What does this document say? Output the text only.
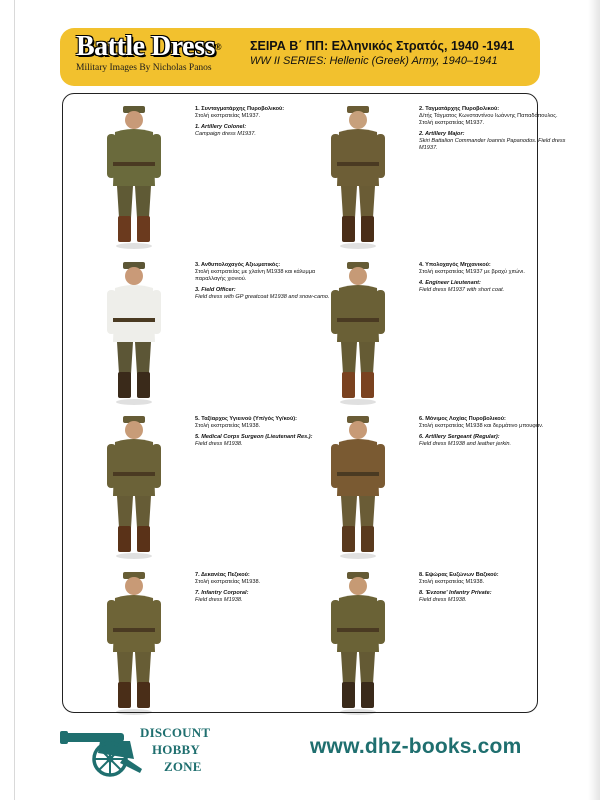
Battle Dress®
Military Images By Nicholas Panos
ΣΕΙΡΑ Β΄ ΠΠ: Ελληνικός Στρατός, 1940 -1941
WW II SERIES: Hellenic (Greek) Army, 1940–1941
1. Συνταγματάρχης Πυροβολικού:
Στολή εκστρατείας M1937.
1. Artillery Colonel:
Campaign dress M1937.
2. Ταγματάρχης Πυροβολικού:
Δ/τής Τάγματος Κωνσταντίνου Ιωάννης Παπαδόπουλος. Στολή εκστρατείας M1937.
2. Artillery Major:
Skiri Battalion Commander Ioannis Papanodos. Field dress M1937.
3. Ανθυπολοχαγός Αξιωματικός:
Στολή εκστρατείας με χλαίνη M1938 και κάλυμμα παραλλαγής χιονιού.
3. Field Officer:
Field dress with GP greatcoat M1938 and snow-camo.
4. Υπολοχαγός Μηχανικού:
Στολή εκστρατείας M1937 με βραχύ χιτώνι.
4. Engineer Lieutenant:
Field dress M1937 with short coat.
5. Ταξίαρχος Υγιεινού (Υπ/γός Υγ/κού):
Στολή εκστρατείας M1938.
5. Medical Corps Surgeon (Lieutenant Res.):
Field dress M1938.
6. Μόνιμος Λοχίας Πυροβολικού:
Στολή εκστρατείας M1938 και δερμάτινο μπουφάν.
6. Artillery Sergeant (Regular):
Field dress M1938 and leather jerkin.
7. Δεκανέας Πεζικού:
Στολή εκστρατείας M1938.
7. Infantry Corporal:
Field dress M1938.
8. Εψώρας Ευζώνων Βαζικού:
Στολή εκστρατείας M1938.
8. 'Evzone' Infantry Private:
Field dress M1938.
DISCOUNT
HOBBY
ZONE
www.dhz-books.com
